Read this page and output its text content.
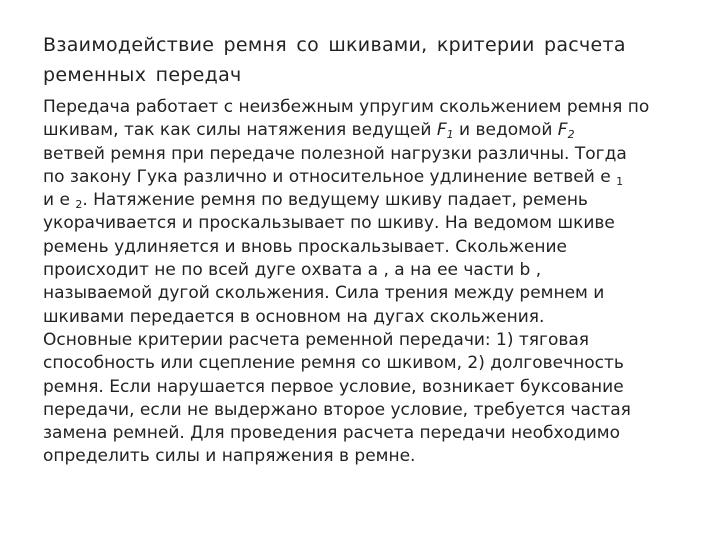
Взаимодействие ремня со шкивами, критерии расчета
ременных передач

Передача работает с неизбежным упругим скольжением ремня по
шкивам, так как силы натяжения ведущей $F_1$ и ведомой $F_2$
ветвей ремня при передаче полезной нагрузки различны. Тогда
по закону Гука различно и относительное удлинение ветвей е $_1$
и е $_2$. Натяжение ремня по ведущему шкиву падает, ремень
укорачивается и проскальзывает по шкиву. На ведомом шкиве
ремень удлиняется и вновь проскальзывает. Скольжение
происходит не по всей дуге охвата a , a на ее части b ,
называемой дугой скольжения. Сила трения между ремнем и
шкивами передается в основном на дугах скольжения.

Основные критерии расчета ременной передачи: 1) тяговая
способность или сцепление ремня со шкивом, 2) долговечность
ремня. Если нарушается первое условие, возникает буксование
передачи, если не выдержано второе условие, требуется частая
замена ремней. Для проведения расчета передачи необходимо
определить силы и напряжения в ремне.
